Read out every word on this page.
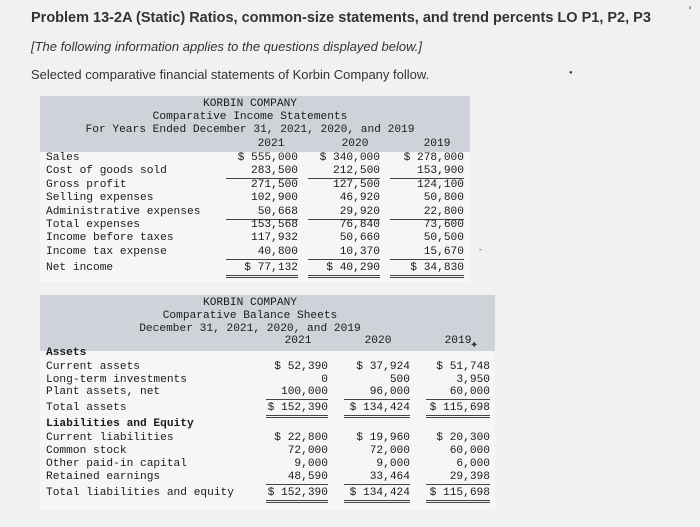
Problem 13-2A (Static) Ratios, common-size statements, and trend percents LO P1, P2, P3
[The following information applies to the questions displayed below.]
Selected comparative financial statements of Korbin Company follow.
KORBIN COMPANY
Comparative Income Statements
For Years Ended December 31, 2021, 2020, and 2019
2021	2020	2019
Sales	$ 555,000	$ 340,000	$ 278,000
Cost of goods sold	283,500	212,500	153,900
Gross profit	271,500	127,500	124,100
Selling expenses	102,900	46,920	50,800
Administrative expenses	50,668	29,920	22,800
Total expenses	153,568	76,840	73,600
Income before taxes	117,932	50,660	50,500
Income tax expense	40,800	10,370	15,670
Net income	$ 77,132	$ 40,290	$ 34,830
KORBIN COMPANY
Comparative Balance Sheets
December 31, 2021, 2020, and 2019
2021	2020	2019
Assets
Current assets	$ 52,390	$ 37,924	$ 51,748
Long-term investments	0	500	3,950
Plant assets, net	100,000	96,000	60,000
Total assets	$ 152,390	$ 134,424	$ 115,698
Liabilities and Equity
Current liabilities	$ 22,800	$ 19,960	$ 20,300
Common stock	72,000	72,000	60,000
Other paid-in capital	9,000	9,000	6,000
Retained earnings	48,590	33,464	29,398
Total liabilities and equity	$ 152,390	$ 134,424	$ 115,698
'
✦
●
-
